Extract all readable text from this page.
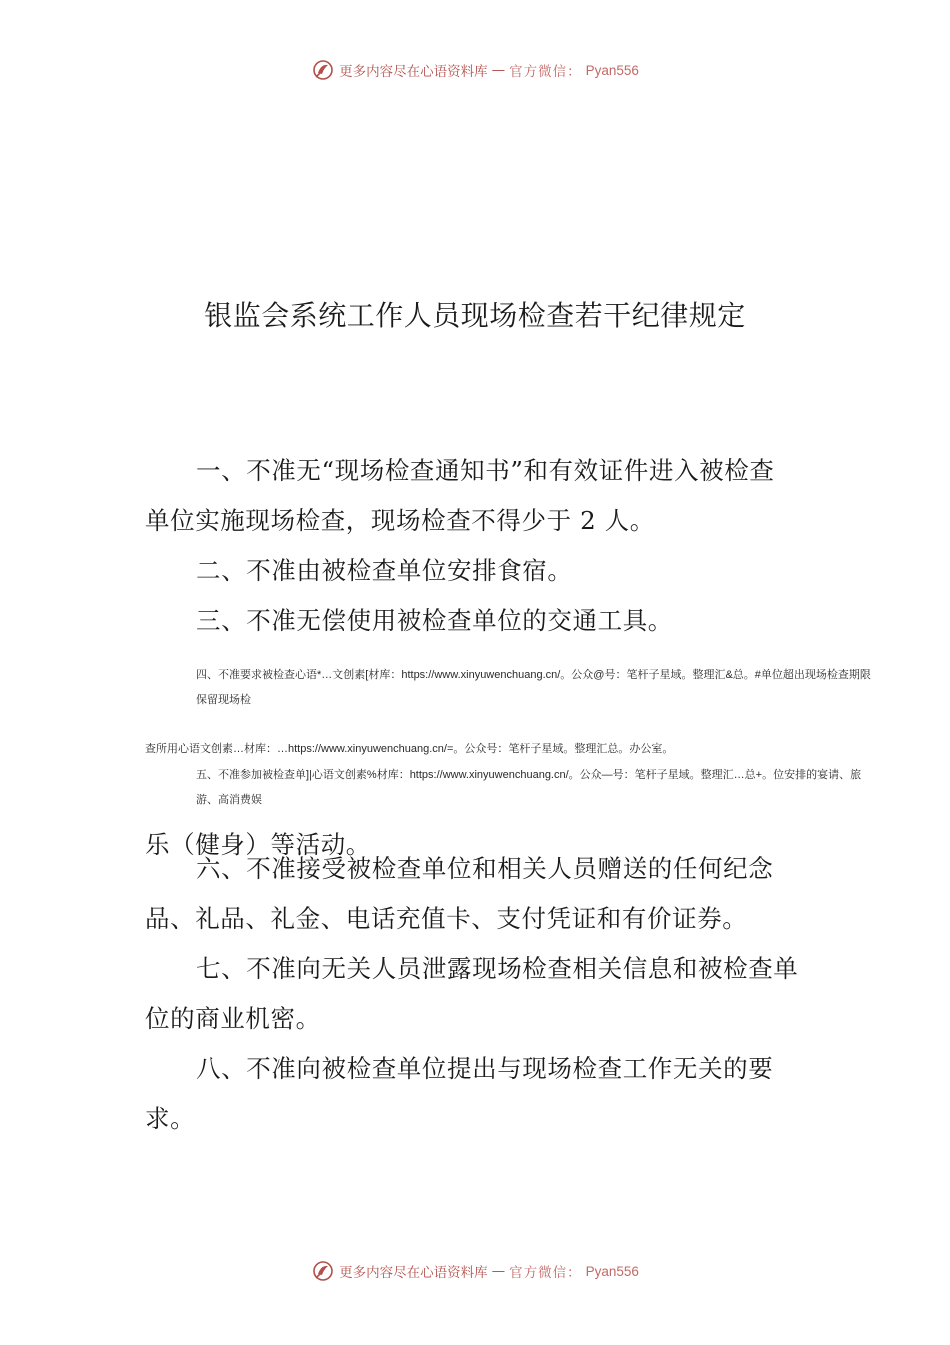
更多内容尽在心语资料库 — 官方微信： Pyan556
银监会系统工作人员现场检查若干纪律规定
一、不准无“现场检查通知书”和有效证件进入被检查
单位实施现场检查，现场检查不得少于 2 人。
二、不准由被检查单位安排食宿。
三、不准无偿使用被检查单位的交通工具。
四、不准要求被检查心语*…文创素[材库：https://www.xinyuwenchuang.cn/。公众@号：笔杆子星域。整理汇&总。#单位超出现场检查期限
保留现场检
查所用心语文创素…材库：…https://www.xinyuwenchuang.cn/=。公众号：笔杆子星域。整理汇总。办公室。
五、不准参加被检查单]|心语文创素%材库：https://www.xinyuwenchuang.cn/。公众—号：笔杆子星域。整理汇…总+。位安排的宴请、旅
游、高消费娱
乐（健身）等活动。
六、不准接受被检查单位和相关人员赠送的任何纪念
品、礼品、礼金、电话充值卡、支付凭证和有价证券。
七、不准向无关人员泄露现场检查相关信息和被检查单
位的商业机密。
八、不准向被检查单位提出与现场检查工作无关的要
求。
更多内容尽在心语资料库 — 官方微信： Pyan556
